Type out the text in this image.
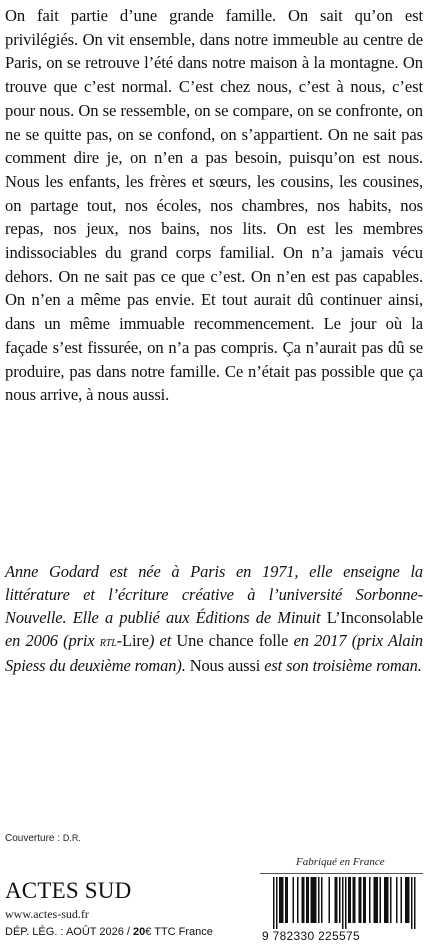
On fait partie d’une grande famille. On sait qu’on est privilégiés. On vit ensemble, dans notre immeuble au centre de Paris, on se retrouve l’été dans notre maison à la montagne. On trouve que c’est normal. C’est chez nous, c’est à nous, c’est pour nous. On se ressemble, on se compare, on se confronte, on ne se quitte pas, on se confond, on s’appartient. On ne sait pas comment dire je, on n’en a pas besoin, puisqu’on est nous. Nous les enfants, les frères et sœurs, les cousins, les cousines, on partage tout, nos écoles, nos chambres, nos habits, nos repas, nos jeux, nos bains, nos lits. On est les membres indissociables du grand corps familial. On n’a jamais vécu dehors. On ne sait pas ce que c’est. On n’en est pas capables. On n’en a même pas envie. Et tout aurait dû continuer ainsi, dans un même immuable recommencement. Le jour où la façade s’est fissurée, on n’a pas compris. Ça n’aurait pas dû se produire, pas dans notre famille. Ce n’était pas possible que ça nous arrive, à nous aussi.

Anne Godard est née à Paris en 1971, elle enseigne la littérature et l’écriture créative à l’université Sorbonne-Nouvelle. Elle a publié aux Éditions de Minuit L’Inconsolable en 2006 (prix rtl-Lire) et Une chance folle en 2017 (prix Alain Spiess du deuxième roman). Nous aussi est son troisième roman.

Couverture : D.R.
Fabriqué en France
ACTES SUD
www.actes-sud.fr
DÉP. LÉG. : AOÛT 2026 / 20€ TTC France	9 782330 225575
